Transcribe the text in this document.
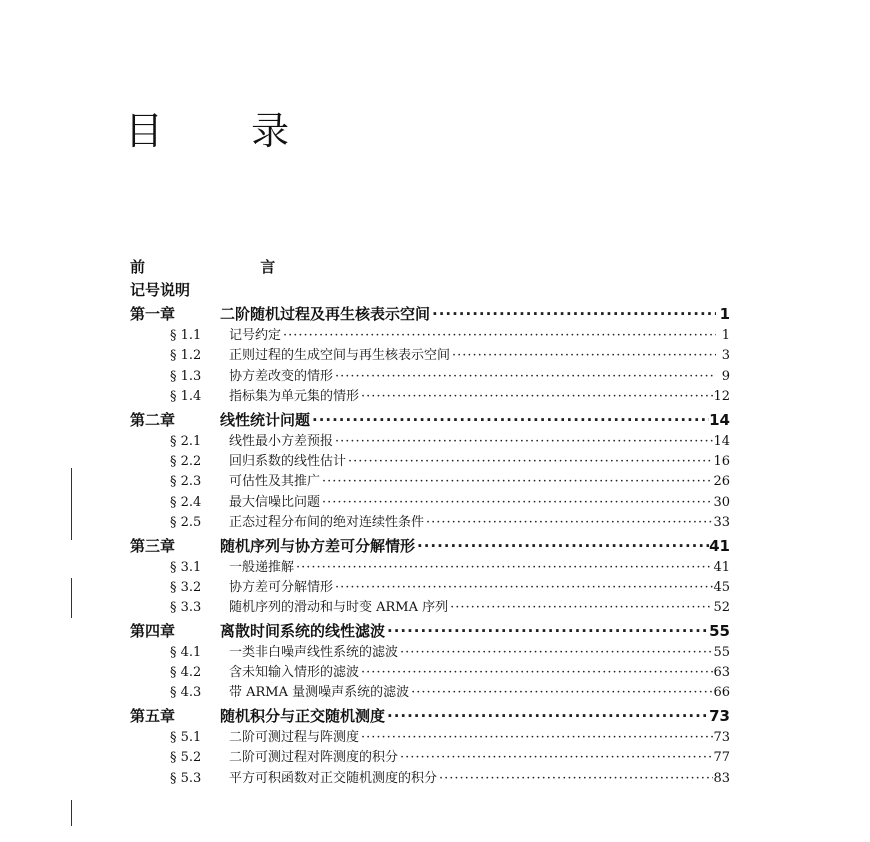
目 录
前 言
记号说明
第一章	二阶随机过程及再生核表示空间 ·····	1
§ 1.1	记号约定 ·····	1
§ 1.2	正则过程的生成空间与再生核表示空间 ·····	3
§ 1.3	协方差改变的情形 ·····	9
§ 1.4	指标集为单元集的情形 ·····	12
第二章	线性统计问题 ·····	14
§ 2.1	线性最小方差预报 ·····	14
§ 2.2	回归系数的线性估计 ·····	16
§ 2.3	可估性及其推广 ·····	26
§ 2.4	最大信噪比问题 ·····	30
§ 2.5	正态过程分布间的绝对连续性条件 ·····	33
第三章	随机序列与协方差可分解情形 ·····	41
§ 3.1	一般递推解 ·····	41
§ 3.2	协方差可分解情形 ·····	45
§ 3.3	随机序列的滑动和与时变 ARMA 序列 ·····	52
第四章	离散时间系统的线性滤波 ·····	55
§ 4.1	一类非白噪声线性系统的滤波 ·····	55
§ 4.2	含未知输入情形的滤波 ·····	63
§ 4.3	带 ARMA 量测噪声系统的滤波 ·····	66
第五章	随机积分与正交随机测度 ·····	73
§ 5.1	二阶可测过程与阵测度 ·····	73
§ 5.2	二阶可测过程对阵测度的积分 ·····	77
§ 5.3	平方可积函数对正交随机测度的积分 ·····	83
